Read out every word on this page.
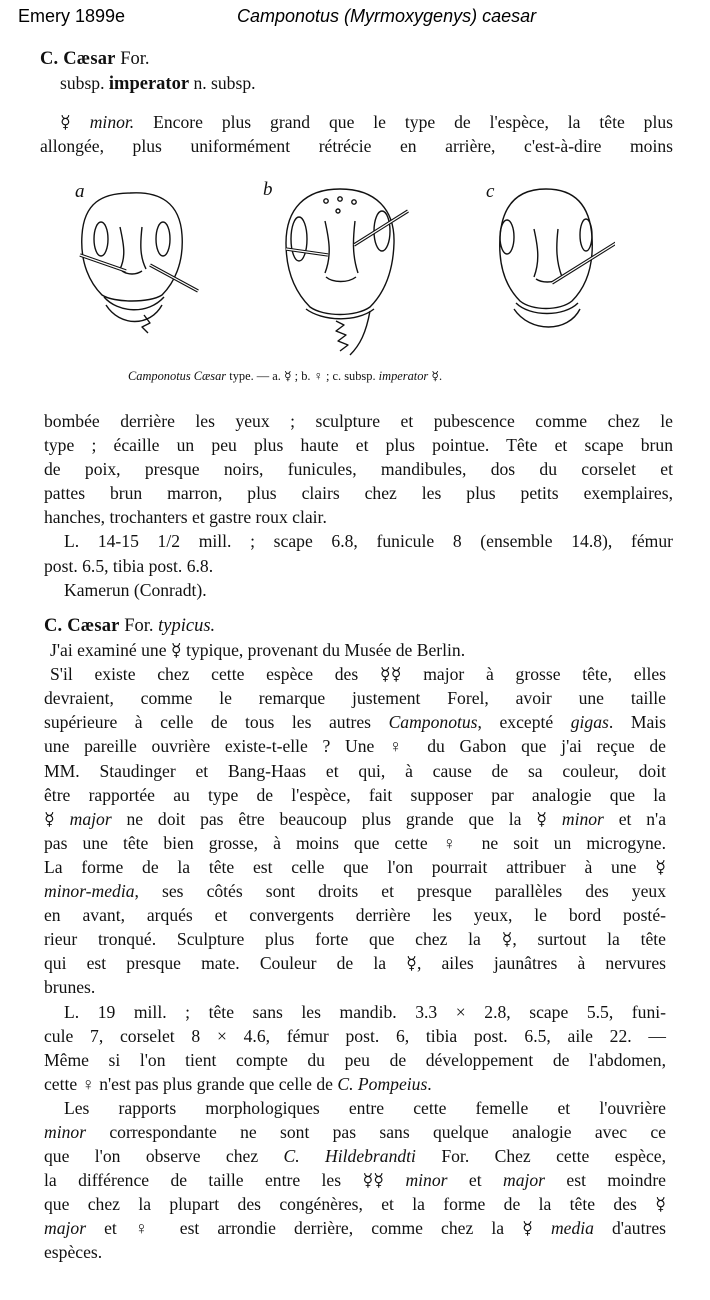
Emery 1899e	Camponotus (Myrmoxygenys) caesar
C. Cæsar For.
subsp. imperator n. subsp.
☿ minor. Encore plus grand que le type de l'espèce, la tête plus
allongée, plus uniformément rétrécie en arrière, c'est-à-dire moins
a	b	c
Camponotus Cæsar type. — a. ☿ ; b. ♀ ; c. subsp. imperator ☿.
bombée derrière les yeux ; sculpture et pubescence comme chez le
type ; écaille un peu plus haute et plus pointue. Tête et scape brun
de poix, presque noirs, funicules, mandibules, dos du corselet et
pattes brun marron, plus clairs chez les plus petits exemplaires,
hanches, trochanters et gastre roux clair.
L. 14-15 1/2 mill. ; scape 6.8, funicule 8 (ensemble 14.8), fémur
post. 6.5, tibia post. 6.8.
Kamerun (Conradt).
C. Cæsar For. typicus.
J'ai examiné une ☿ typique, provenant du Musée de Berlin.
S'il existe chez cette espèce des ☿☿ major à grosse tête, elles
devraient, comme le remarque justement Forel, avoir une taille
supérieure à celle de tous les autres Camponotus, excepté gigas. Mais
une pareille ouvrière existe-t-elle ? Une ♀ du Gabon que j'ai reçue de
MM. Staudinger et Bang-Haas et qui, à cause de sa couleur, doit
être rapportée au type de l'espèce, fait supposer par analogie que la
☿ major ne doit pas être beaucoup plus grande que la ☿ minor et n'a
pas une tête bien grosse, à moins que cette ♀ ne soit un microgyne.
La forme de la tête est celle que l'on pourrait attribuer à une ☿
minor-media, ses côtés sont droits et presque parallèles des yeux
en avant, arqués et convergents derrière les yeux, le bord posté-
rieur tronqué. Sculpture plus forte que chez la ☿, surtout la tête
qui est presque mate. Couleur de la ☿, ailes jaunâtres à nervures
brunes.
L. 19 mill. ; tête sans les mandib. 3.3 × 2.8, scape 5.5, funi-
cule 7, corselet 8 × 4.6, fémur post. 6, tibia post. 6.5, aile 22. —
Même si l'on tient compte du peu de développement de l'abdomen,
cette ♀ n'est pas plus grande que celle de C. Pompeius.
Les rapports morphologiques entre cette femelle et l'ouvrière
minor correspondante ne sont pas sans quelque analogie avec ce
que l'on observe chez C. Hildebrandti For. Chez cette espèce,
la différence de taille entre les ☿☿ minor et major est moindre
que chez la plupart des congénères, et la forme de la tête des ☿
major et ♀ est arrondie derrière, comme chez la ☿ media d'autres
espèces.
